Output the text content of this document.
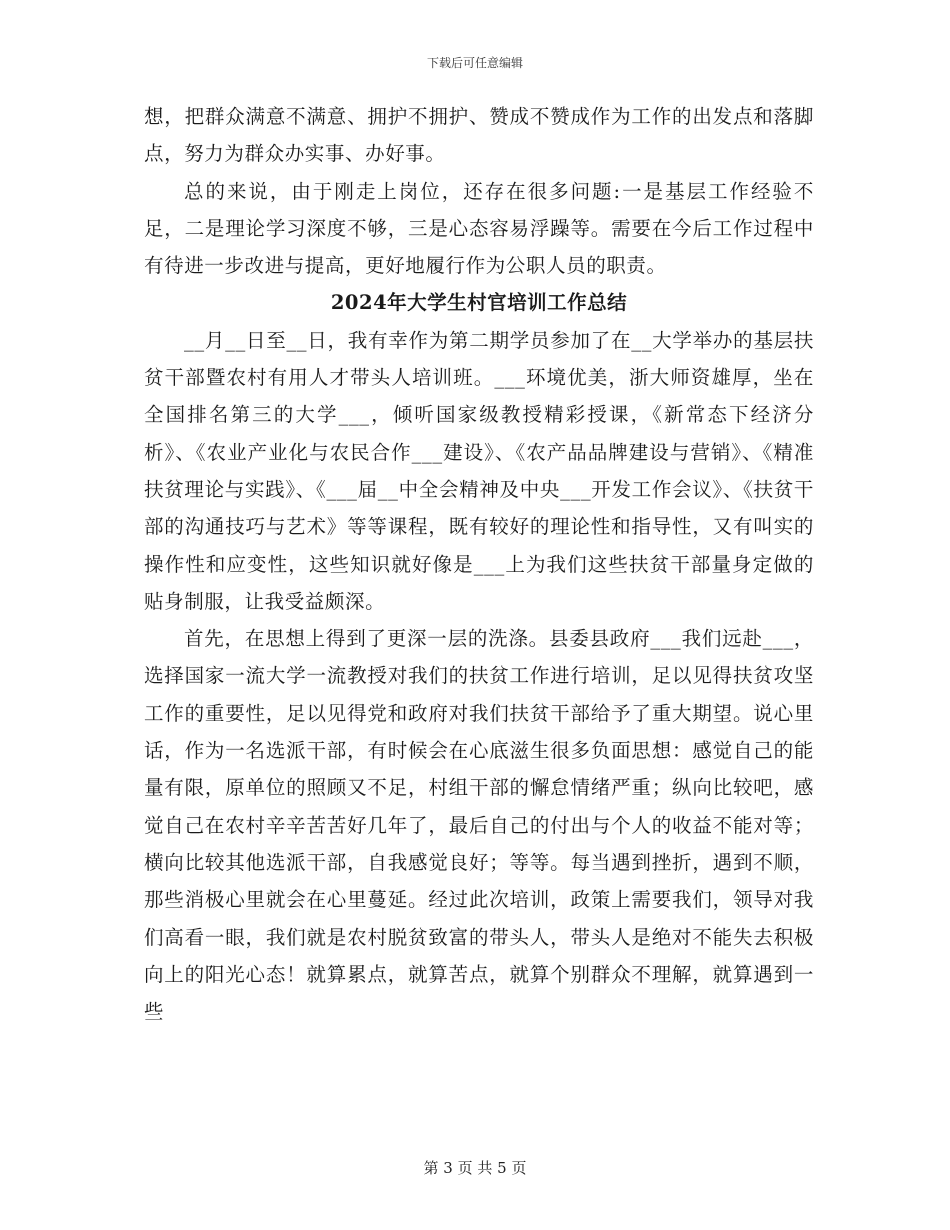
下载后可任意编辑

想，把群众满意不满意、拥护不拥护、赞成不赞成作为工作的出发点和落脚点，努力为群众办实事、办好事。

总的来说，由于刚走上岗位，还存在很多问题:一是基层工作经验不足，二是理论学习深度不够，三是心态容易浮躁等。需要在今后工作过程中有待进一步改进与提高，更好地履行作为公职人员的职责。

2024年大学生村官培训工作总结

__月__日至__日，我有幸作为第二期学员参加了在__大学举办的基层扶贫干部暨农村有用人才带头人培训班。___环境优美，浙大师资雄厚，坐在全国排名第三的大学___，倾听国家级教授精彩授课，《新常态下经济分析》、《农业产业化与农民合作___建设》、《农产品品牌建设与营销》、《精准扶贫理论与实践》、《___届__中全会精神及中央___开发工作会议》、《扶贫干部的沟通技巧与艺术》等等课程，既有较好的理论性和指导性，又有叫实的操作性和应变性，这些知识就好像是___上为我们这些扶贫干部量身定做的贴身制服，让我受益颇深。

首先，在思想上得到了更深一层的洗涤。县委县政府___我们远赴___，选择国家一流大学一流教授对我们的扶贫工作进行培训，足以见得扶贫攻坚工作的重要性，足以见得党和政府对我们扶贫干部给予了重大期望。说心里话，作为一名选派干部，有时候会在心底滋生很多负面思想：感觉自己的能量有限，原单位的照顾又不足，村组干部的懈怠情绪严重；纵向比较吧，感觉自己在农村辛辛苦苦好几年了，最后自己的付出与个人的收益不能对等；横向比较其他选派干部，自我感觉良好；等等。每当遇到挫折，遇到不顺，那些消极心里就会在心里蔓延。经过此次培训，政策上需要我们，领导对我们高看一眼，我们就是农村脱贫致富的带头人，带头人是绝对不能失去积极向上的阳光心态！就算累点，就算苦点，就算个别群众不理解，就算遇到一些

第 3 页 共 5 页
